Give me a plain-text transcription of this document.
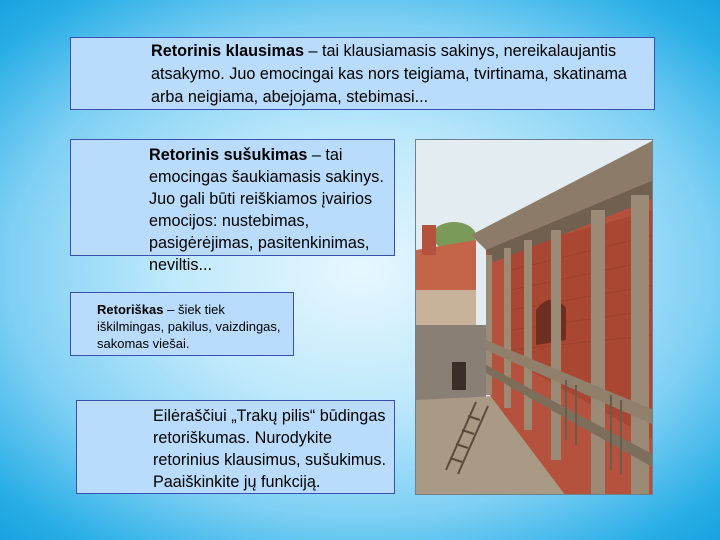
Retorinis klausimas – tai klausiamasis sakinys, nereikalaujantis atsakymo. Juo emocingai kas nors teigiama, tvirtinama, skatinama arba neigiama, abejojama, stebimasi...
Retorinis sušukimas – tai emocingas šaukiamasis sakinys. Juo gali būti reiškiamos įvairios emocijos: nustebimas, pasigėrėjimas, pasitenkinimas, neviltis...
Retoriškas – šiek tiek iškilmingas, pakilus, vaizdingas, sakomas viešai.
Eilėraščiui „Trakų pilis“ būdingas retoriškumas. Nurodykite retorinius klausimus, sušukimus. Paaiškinkite jų funkciją.
